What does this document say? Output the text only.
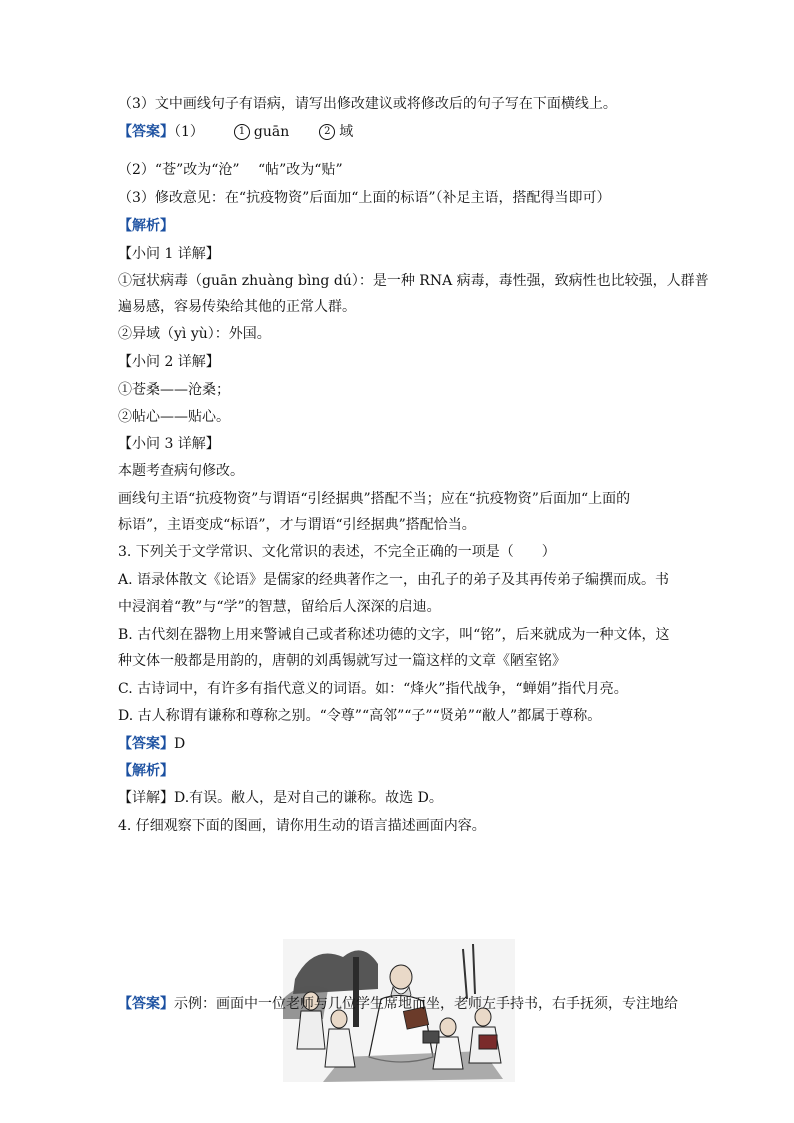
（3）文中画线句子有语病，请写出修改建议或将修改后的句子写在下面横线上。
【答案】（1）	1 guān	2 域
（2）“苍”改为“沧”　 “帖”改为“贴”
（3）修改意见：在“抗疫物资”后面加“上面的标语”（补足主语，搭配得当即可）
【解析】
【小问 1 详解】
①冠状病毒（guān zhuàng bìng dú）：是一种 RNA 病毒，毒性强，致病性也比较强，人群普
遍易感，容易传染给其他的正常人群。
②异域（yì yù）：外国。
【小问 2 详解】
①苍桑——沧桑；
②帖心——贴心。
【小问 3 详解】
本题考查病句修改。
画线句主语“抗疫物资”与谓语“引经据典”搭配不当；应在“抗疫物资”后面加“上面的
标语”，主语变成“标语”，才与谓语“引经据典”搭配恰当。
3. 下列关于文学常识、文化常识的表述，不完全正确的一项是（　　）
A. 语录体散文《论语》是儒家的经典著作之一，由孔子的弟子及其再传弟子编撰而成。书
中浸润着“教”与“学”的智慧，留给后人深深的启迪。
B. 古代刻在器物上用来警诫自己或者称述功德的文字，叫“铭”，后来就成为一种文体，这
种文体一般都是用韵的，唐朝的刘禹锡就写过一篇这样的文章《陋室铭》
C. 古诗词中，有许多有指代意义的词语。如：“烽火”指代战争，“蝉娟”指代月亮。
D. 古人称谓有谦称和尊称之别。“令尊”“高邻”“子”“贤弟”“敝人”都属于尊称。
【答案】D
【解析】
【详解】D.有误。敝人，是对自己的谦称。故选 D。
4. 仔细观察下面的图画，请你用生动的语言描述画面内容。
【答案】示例：画面中一位老师与几位学生席地而坐，老师左手持书，右手抚须，专注地给
